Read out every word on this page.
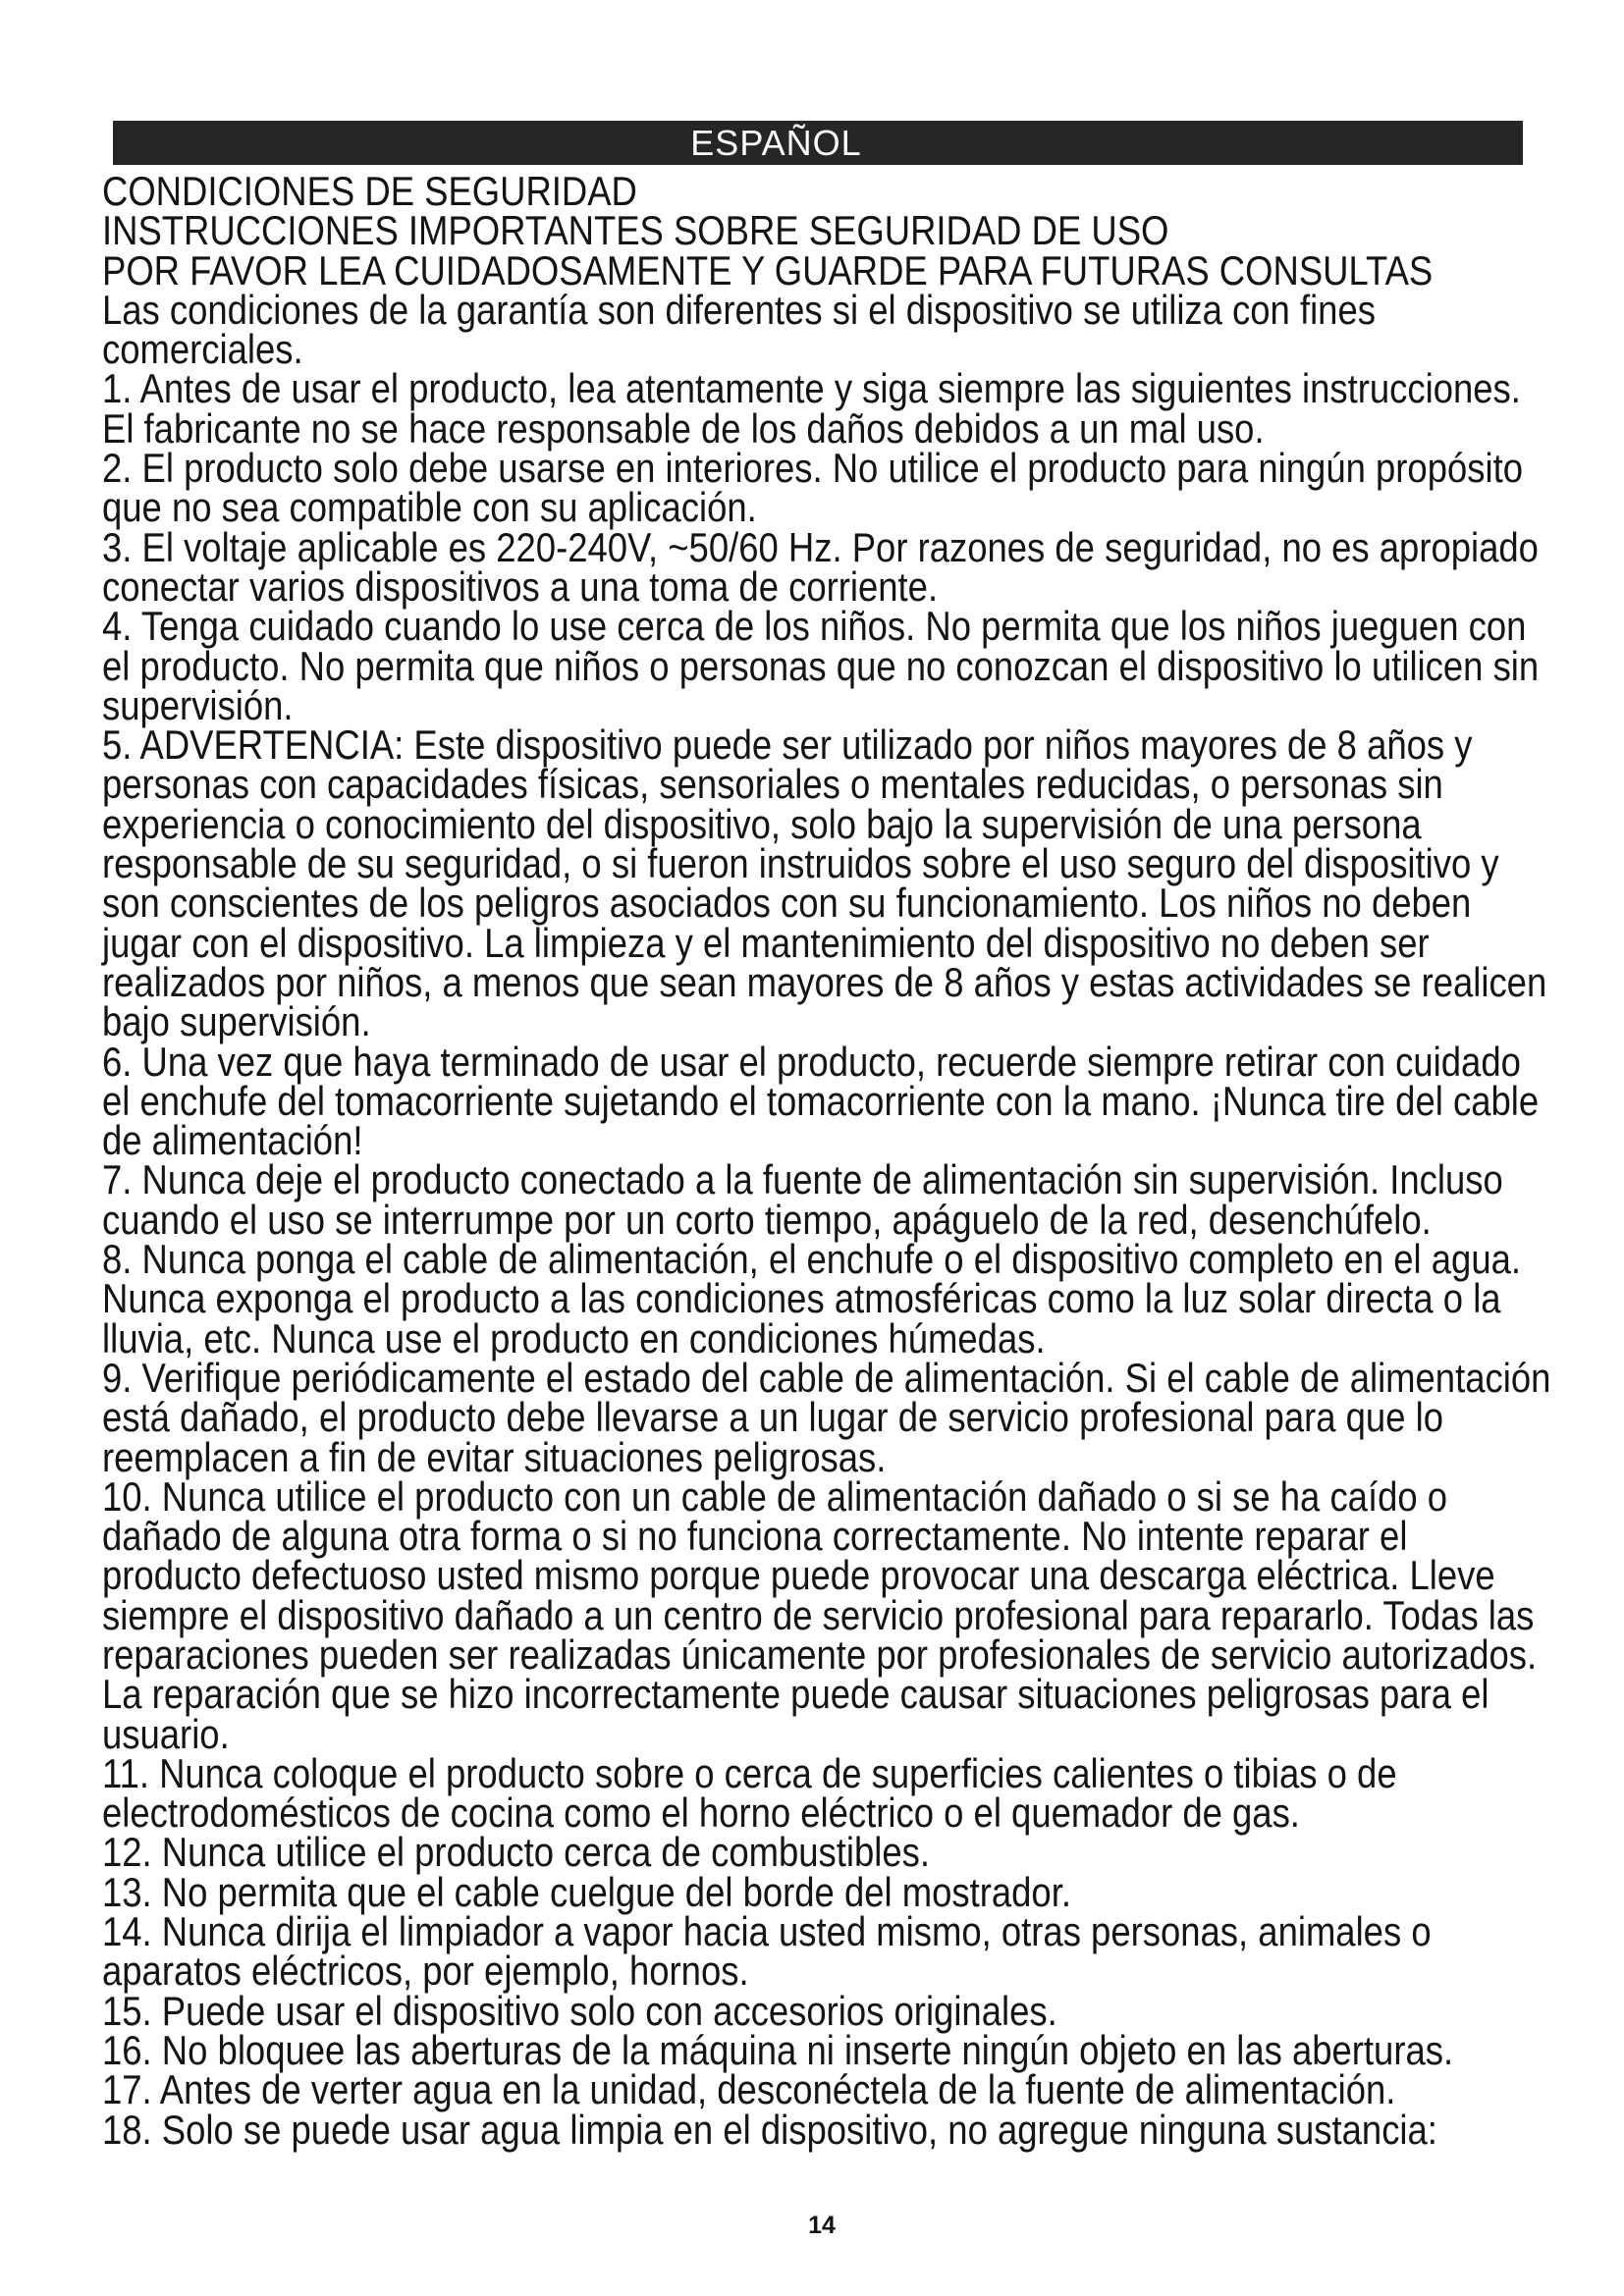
ESPAÑOL
CONDICIONES DE SEGURIDAD
INSTRUCCIONES IMPORTANTES SOBRE SEGURIDAD DE USO
POR FAVOR LEA CUIDADOSAMENTE Y GUARDE PARA FUTURAS CONSULTAS
Las condiciones de la garantía son diferentes si el dispositivo se utiliza con fines
comerciales.
1. Antes de usar el producto, lea atentamente y siga siempre las siguientes instrucciones.
El fabricante no se hace responsable de los daños debidos a un mal uso.
2. El producto solo debe usarse en interiores. No utilice el producto para ningún propósito
que no sea compatible con su aplicación.
3. El voltaje aplicable es 220-240V, ~50/60 Hz. Por razones de seguridad, no es apropiado
conectar varios dispositivos a una toma de corriente.
4. Tenga cuidado cuando lo use cerca de los niños. No permita que los niños jueguen con
el producto. No permita que niños o personas que no conozcan el dispositivo lo utilicen sin
supervisión.
5. ADVERTENCIA: Este dispositivo puede ser utilizado por niños mayores de 8 años y
personas con capacidades físicas, sensoriales o mentales reducidas, o personas sin
experiencia o conocimiento del dispositivo, solo bajo la supervisión de una persona
responsable de su seguridad, o si fueron instruidos sobre el uso seguro del dispositivo y
son conscientes de los peligros asociados con su funcionamiento. Los niños no deben
jugar con el dispositivo. La limpieza y el mantenimiento del dispositivo no deben ser
realizados por niños, a menos que sean mayores de 8 años y estas actividades se realicen
bajo supervisión.
6. Una vez que haya terminado de usar el producto, recuerde siempre retirar con cuidado
el enchufe del tomacorriente sujetando el tomacorriente con la mano. ¡Nunca tire del cable
de alimentación!
7. Nunca deje el producto conectado a la fuente de alimentación sin supervisión. Incluso
cuando el uso se interrumpe por un corto tiempo, apáguelo de la red, desenchúfelo.
8. Nunca ponga el cable de alimentación, el enchufe o el dispositivo completo en el agua.
Nunca exponga el producto a las condiciones atmosféricas como la luz solar directa o la
lluvia, etc. Nunca use el producto en condiciones húmedas.
9. Verifique periódicamente el estado del cable de alimentación. Si el cable de alimentación
está dañado, el producto debe llevarse a un lugar de servicio profesional para que lo
reemplacen a fin de evitar situaciones peligrosas.
10. Nunca utilice el producto con un cable de alimentación dañado o si se ha caído o
dañado de alguna otra forma o si no funciona correctamente. No intente reparar el
producto defectuoso usted mismo porque puede provocar una descarga eléctrica. Lleve
siempre el dispositivo dañado a un centro de servicio profesional para repararlo. Todas las
reparaciones pueden ser realizadas únicamente por profesionales de servicio autorizados.
La reparación que se hizo incorrectamente puede causar situaciones peligrosas para el
usuario.
11. Nunca coloque el producto sobre o cerca de superficies calientes o tibias o de
electrodomésticos de cocina como el horno eléctrico o el quemador de gas.
12. Nunca utilice el producto cerca de combustibles.
13. No permita que el cable cuelgue del borde del mostrador.
14. Nunca dirija el limpiador a vapor hacia usted mismo, otras personas, animales o
aparatos eléctricos, por ejemplo, hornos.
15. Puede usar el dispositivo solo con accesorios originales.
16. No bloquee las aberturas de la máquina ni inserte ningún objeto en las aberturas.
17. Antes de verter agua en la unidad, desconéctela de la fuente de alimentación.
18. Solo se puede usar agua limpia en el dispositivo, no agregue ninguna sustancia:
14
